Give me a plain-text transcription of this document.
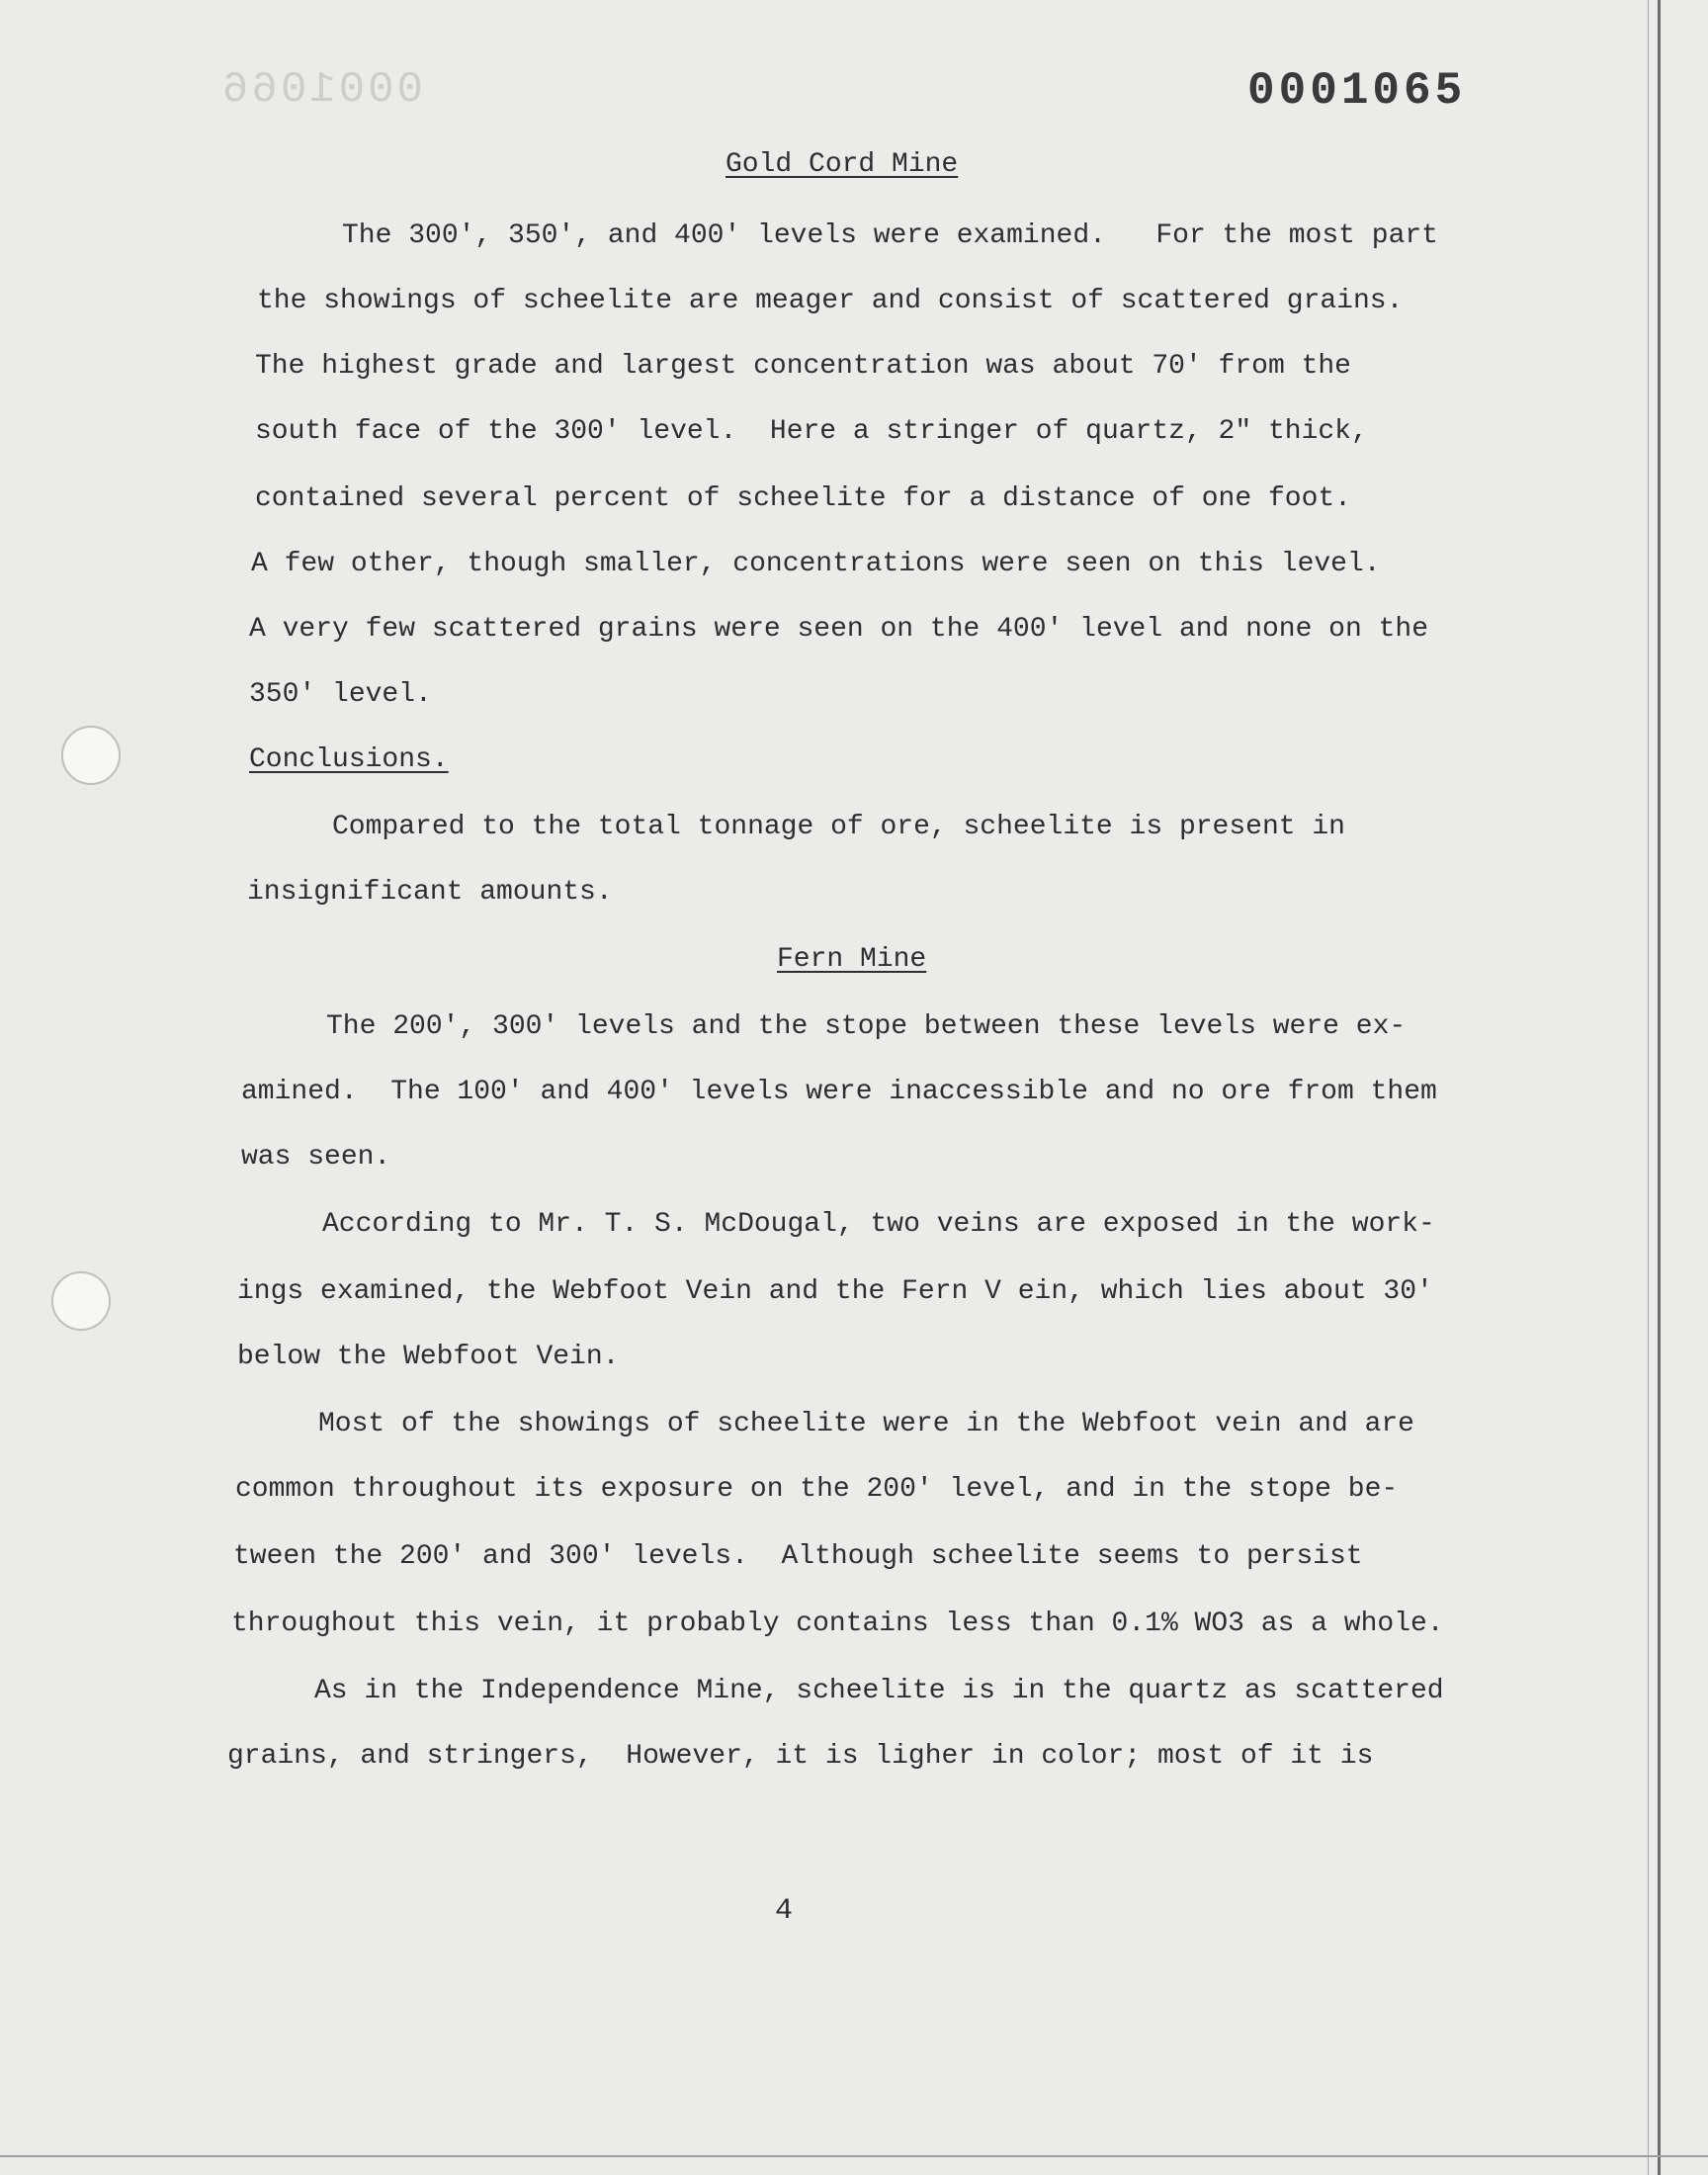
0001066	0001065
Gold Cord Mine
The 300', 350', and 400' levels were examined.   For the most part
the showings of scheelite are meager and consist of scattered grains.
The highest grade and largest concentration was about 70' from the
south face of the 300' level.  Here a stringer of quartz, 2" thick,
contained several percent of scheelite for a distance of one foot.
A few other, though smaller, concentrations were seen on this level.
A very few scattered grains were seen on the 400' level and none on the
350' level.
Conclusions.
Compared to the total tonnage of ore, scheelite is present in
insignificant amounts.
Fern Mine
The 200', 300' levels and the stope between these levels were ex-
amined.  The 100' and 400' levels were inaccessible and no ore from them
was seen.
According to Mr. T. S. McDougal, two veins are exposed in the work-
ings examined, the Webfoot Vein and the Fern V ein, which lies about 30'
below the Webfoot Vein.
Most of the showings of scheelite were in the Webfoot vein and are
common throughout its exposure on the 200' level, and in the stope be-
tween the 200' and 300' levels.  Although scheelite seems to persist
throughout this vein, it probably contains less than 0.1% WO3 as a whole.
As in the Independence Mine, scheelite is in the quartz as scattered
grains, and stringers,  However, it is ligher in color; most of it is
4
